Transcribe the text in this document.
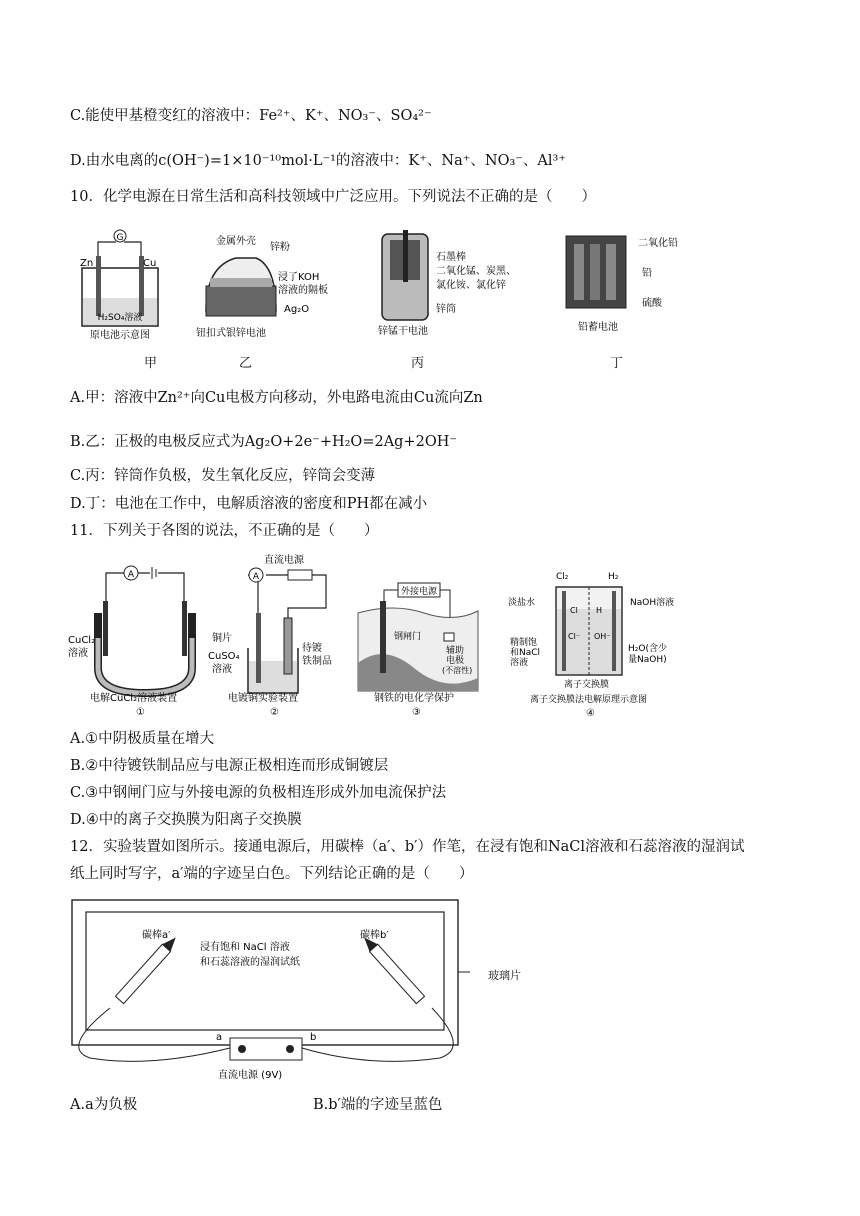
C.能使甲基橙变红的溶液中：Fe²⁺、K⁺、NO₃⁻、SO₄²⁻
D.由水电离的c(OH⁻)=1×10⁻¹⁰mol·L⁻¹的溶液中：K⁺、Na⁺、NO₃⁻、Al³⁺
10．化学电源在日常生活和高科技领域中广泛应用。下列说法不正确的是（　　）
G
Zn	Cu
H₂SO₄溶液
原电池示意图
金属外壳
锌粉
浸了KOH
溶液的隔板
Ag₂O
钮扣式银锌电池
石墨棒
二氧化锰、炭黑、
氯化铵、氯化锌
锌筒
锌锰干电池
二氧化铅
铅
硫酸
铅蓄电池
甲	乙	丙	丁
A.甲：溶液中Zn²⁺向Cu电极方向移动，外电路电流由Cu流向Zn
B.乙：正极的电极反应式为Ag₂O+2e⁻+H₂O=2Ag+2OH⁻
C.丙：锌筒作负极，发生氧化反应，锌筒会变薄
D.丁：电池在工作中，电解质溶液的密度和PH都在减小
11．下列关于各图的说法，不正确的是（　　）
A
CuCl₂
溶液
电解CuCl₂溶液装置
①
直流电源
A
铜片
CuSO₄
溶液
待镀
铁制品
电镀铜实验装置
②
外接电源
钢闸门
辅助
电极
(不溶性)
钢铁的电化学保护
③
Cl₂	H₂
Cl H
Cl⁻ OH⁻
淡盐水	NaOH溶液
精制饱
和NaCl
溶液
H₂O(含少
量NaOH)
离子交换膜
离子交换膜法电解原理示意图
④
A.①中阴极质量在增大
B.②中待镀铁制品应与电源正极相连而形成铜镀层
C.③中钢闸门应与外接电源的负极相连形成外加电流保护法
D.④中的离子交换膜为阳离子交换膜
12．实验装置如图所示。接通电源后，用碳棒（a′、b′）作笔，在浸有饱和NaCl溶液和石蕊溶液的湿润试
纸上同时写字，a′端的字迹呈白色。下列结论正确的是（　　）
碳棒a′	碳棒b′
浸有饱和 NaCl 溶液
和石蕊溶液的湿润试纸
a	b
直流电源 (9V)
玻璃片
A.a为负极	B.b′端的字迹呈蓝色
